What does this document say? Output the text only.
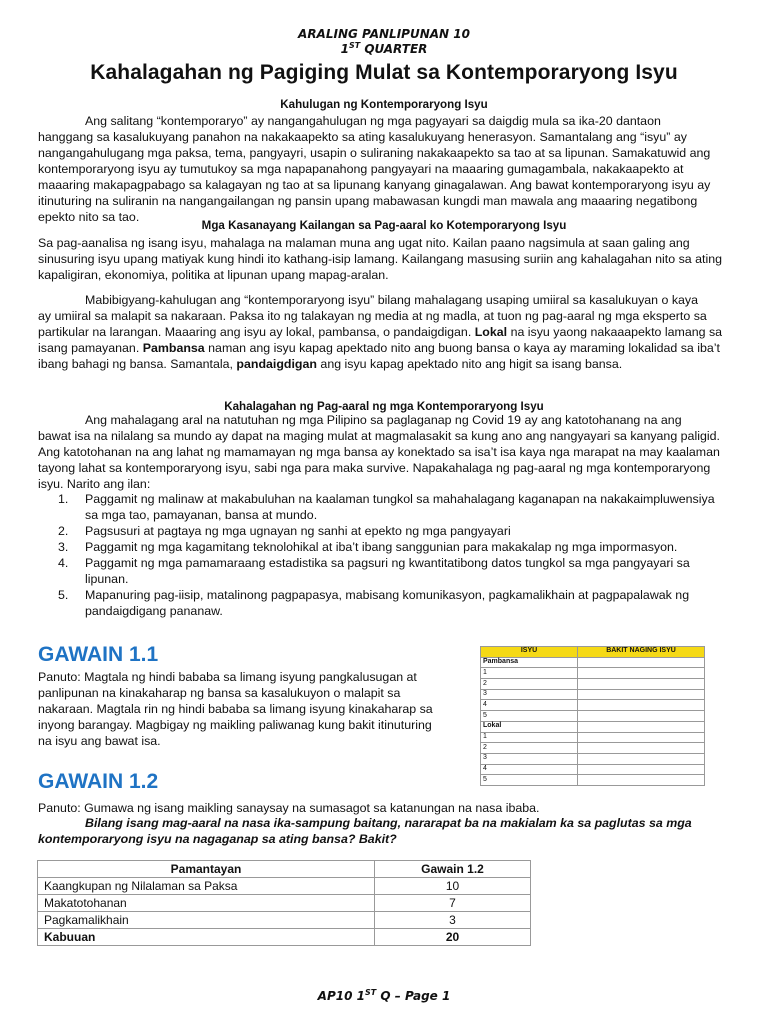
ARALING PANLIPUNAN 10
1ST QUARTER
Kahalagahan ng Pagiging Mulat sa Kontemporaryong Isyu
Kahulugan ng Kontemporaryong Isyu
Ang salitang “kontemporaryo” ay nangangahulugan ng mga pagyayari sa daigdig mula sa ika-20 dantaon
hanggang sa kasalukuyang panahon na nakakaapekto sa ating kasalukuyang henerasyon. Samantalang ang “isyu” ay nangangahulugang mga paksa, tema, pangyayri, usapin o suliraning nakakaapekto sa tao at sa lipunan. Samakatuwid ang kontemporaryong isyu ay tumutukoy sa mga napapanahong pangyayari na maaaring gumagambala, nakakaapekto at maaaring makapagpabago sa kalagayan ng tao at sa lipunang kanyang ginagalawan. Ang bawat kontemporaryong isyu ay itinuturing na suliranin na nangangailangan ng pansin upang mabawasan kungdi man mawala ang maaaring negatibong epekto nito sa tao.
Mga Kasanayang Kailangan sa Pag-aaral ko Kotemporaryong Isyu
Sa pag-aanalisa ng isang isyu, mahalaga na malaman muna ang ugat nito. Kailan paano nagsimula at saan galing ang sinusuring isyu upang matiyak kung hindi ito kathang-isip lamang. Kailangang masusing suriin ang kahalagahan nito sa ating kapaligiran, ekonomiya, politika at lipunan upang mapag-aralan.
Mabibigyang-kahulugan ang “kontemporaryong isyu” bilang mahalagang usaping umiiral sa kasalukuyan o kaya
ay umiiral sa malapit sa nakaraan. Paksa ito ng talakayan ng media at ng madla, at tuon ng pag-aaral ng mga eksperto sa partikular na larangan. Maaaring ang isyu ay lokal, pambansa, o pandaigdigan. Lokal na isyu yaong nakaaapekto lamang sa isang pamayanan. Pambansa naman ang isyu kapag apektado nito ang buong bansa o kaya ay maraming lokalidad sa iba’t ibang bahagi ng bansa. Samantala, pandaigdigan ang isyu kapag apektado nito ang higit sa isang bansa.
Kahalagahan ng Pag-aaral ng mga Kontemporaryong Isyu
Ang mahalagang aral na natutuhan ng mga Pilipino sa paglaganap ng Covid 19 ay ang katotohanang na ang
bawat isa na nilalang sa mundo ay dapat na maging mulat at magmalasakit sa kung ano ang nangyayari sa kanyang paligid. Ang katotohanan na ang lahat ng mamamayan ng mga bansa ay konektado sa isa’t isa kaya nga marapat na may kaalaman tayong lahat sa kontemporaryong isyu, sabi nga para maka survive. Napakahalaga ng pag-aaral ng mga kontemporaryong isyu. Narito ang ilan:
1. Paggamit ng malinaw at makabuluhan na kaalaman tungkol sa mahahalagang kaganapan na nakakaimpluwensiya sa mga tao, pamayanan, bansa at mundo.
2. Pagsusuri at pagtaya ng mga ugnayan ng sanhi at epekto ng mga pangyayari
3. Paggamit ng mga kagamitang teknolohikal at iba’t ibang sanggunian para makakalap ng mga impormasyon.
4. Paggamit ng mga pamamaraang estadistika sa pagsuri ng kwantitatibong datos tungkol sa mga pangyayari sa lipunan.
5. Mapanuring pag-iisip, matalinong pagpapasya, mabisang komunikasyon, pagkamalikhain at pagpapalawak ng pandaigdigang pananaw.
GAWAIN 1.1
Panuto: Magtala ng hindi bababa sa limang isyung pangkalusugan at panlipunan na kinakaharap ng bansa sa kasalukuyon o malapit sa nakaraan. Magtala rin ng hindi bababa sa limang isyung kinakaharap sa inyong barangay. Magbigay ng maikling paliwanag kung bakit itinuturing na isyu ang bawat isa.
ISYU	BAKIT NAGING ISYU
Pambansa	
1	
2	
3	
4	
5	
Lokal	
1	
2	
3	
4	
5	
GAWAIN 1.2
Panuto: Gumawa ng isang maikling sanaysay na sumasagot sa katanungan na nasa ibaba.
Bilang isang mag-aaral na nasa ika-sampung baitang, nararapat ba na makialam ka sa paglutas sa mga kontemporaryong isyu na nagaganap sa ating bansa? Bakit?
Pamantayan	Gawain 1.2
Kaangkupan ng Nilalaman sa Paksa	10
Makatotohanan	7
Pagkamalikhain	3
Kabuuan	20
AP10 1ST Q – Page 1
